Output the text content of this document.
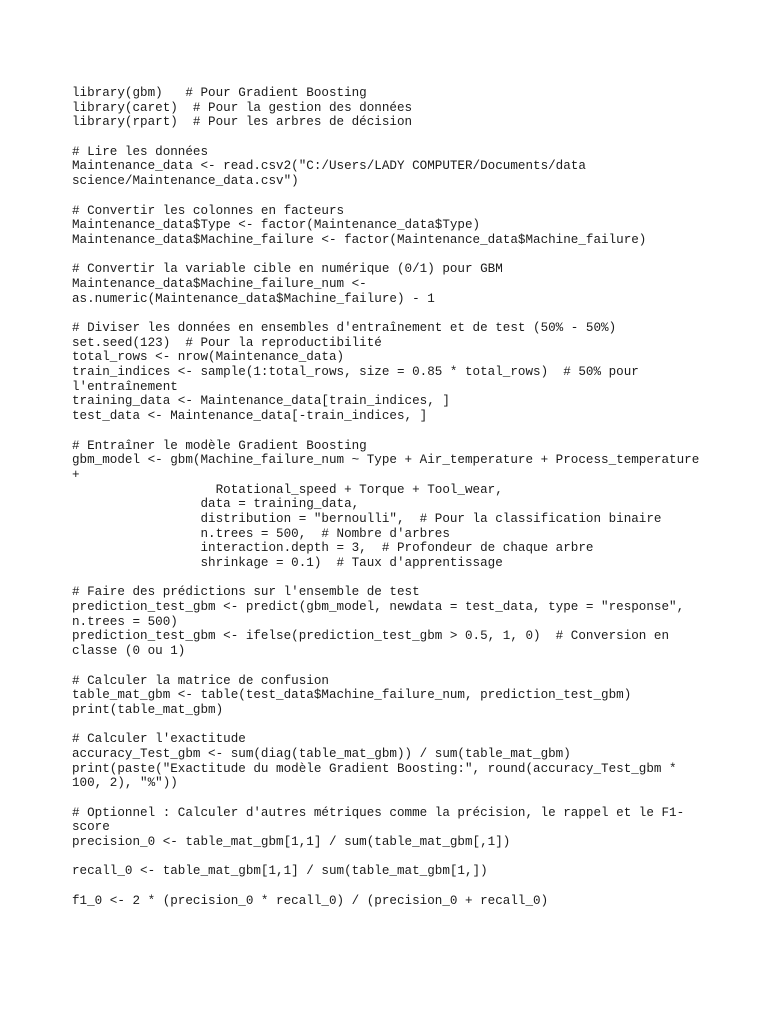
library(gbm)   # Pour Gradient Boosting
library(caret)  # Pour la gestion des données
library(rpart)  # Pour les arbres de décision
# Lire les données
Maintenance_data <- read.csv2("C:/Users/LADY COMPUTER/Documents/data
science/Maintenance_data.csv")
# Convertir les colonnes en facteurs
Maintenance_data$Type <- factor(Maintenance_data$Type)
Maintenance_data$Machine_failure <- factor(Maintenance_data$Machine_failure)
# Convertir la variable cible en numérique (0/1) pour GBM
Maintenance_data$Machine_failure_num <-
as.numeric(Maintenance_data$Machine_failure) - 1
# Diviser les données en ensembles d'entraînement et de test (50% - 50%)
set.seed(123)  # Pour la reproductibilité
total_rows <- nrow(Maintenance_data)
train_indices <- sample(1:total_rows, size = 0.85 * total_rows)  # 50% pour
l'entraînement
training_data <- Maintenance_data[train_indices, ]
test_data <- Maintenance_data[-train_indices, ]
# Entraîner le modèle Gradient Boosting
gbm_model <- gbm(Machine_failure_num ~ Type + Air_temperature + Process_temperature
+
Rotational_speed + Torque + Tool_wear,
data = training_data,
distribution = "bernoulli",  # Pour la classification binaire
n.trees = 500,  # Nombre d'arbres
interaction.depth = 3,  # Profondeur de chaque arbre
shrinkage = 0.1)  # Taux d'apprentissage
# Faire des prédictions sur l'ensemble de test
prediction_test_gbm <- predict(gbm_model, newdata = test_data, type = "response",
n.trees = 500)
prediction_test_gbm <- ifelse(prediction_test_gbm > 0.5, 1, 0)  # Conversion en
classe (0 ou 1)
# Calculer la matrice de confusion
table_mat_gbm <- table(test_data$Machine_failure_num, prediction_test_gbm)
print(table_mat_gbm)
# Calculer l'exactitude
accuracy_Test_gbm <- sum(diag(table_mat_gbm)) / sum(table_mat_gbm)
print(paste("Exactitude du modèle Gradient Boosting:", round(accuracy_Test_gbm *
100, 2), "%"))
# Optionnel : Calculer d'autres métriques comme la précision, le rappel et le F1-
score
precision_0 <- table_mat_gbm[1,1] / sum(table_mat_gbm[,1])
recall_0 <- table_mat_gbm[1,1] / sum(table_mat_gbm[1,])
f1_0 <- 2 * (precision_0 * recall_0) / (precision_0 + recall_0)
